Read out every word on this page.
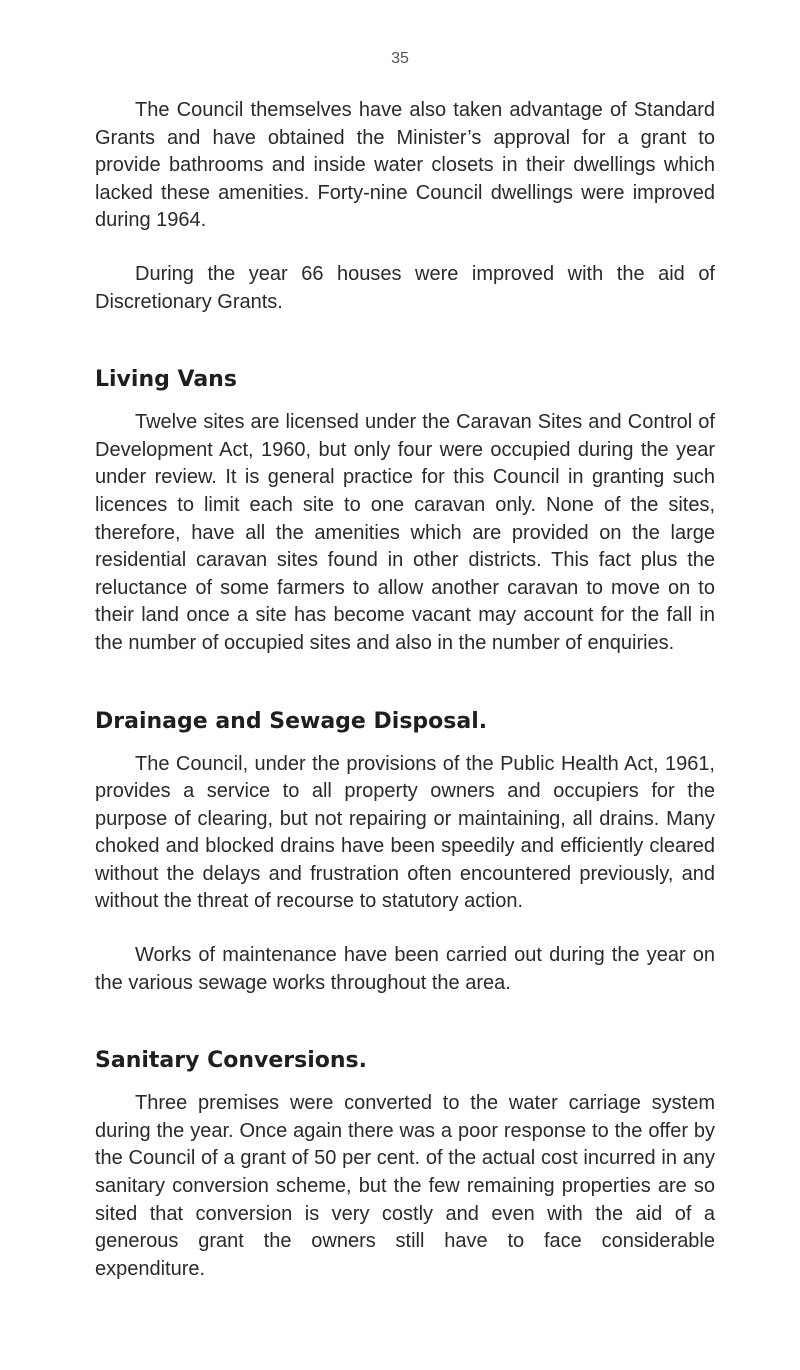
35

The Council themselves have also taken advantage of Standard Grants and have obtained the Minister’s approval for a grant to provide bathrooms and inside water closets in their dwellings which lacked these amenities. Forty-nine Council dwellings were improved during 1964.

During the year 66 houses were improved with the aid of Discretionary Grants.

Living Vans

Twelve sites are licensed under the Caravan Sites and Control of Development Act, 1960, but only four were occupied during the year under review. It is general practice for this Council in granting such licences to limit each site to one caravan only. None of the sites, therefore, have all the amenities which are provided on the large residential caravan sites found in other districts. This fact plus the reluctance of some farmers to allow another caravan to move on to their land once a site has become vacant may account for the fall in the number of occupied sites and also in the number of enquiries.

Drainage and Sewage Disposal.

The Council, under the provisions of the Public Health Act, 1961, provides a service to all property owners and occupiers for the purpose of clearing, but not repairing or maintaining, all drains. Many choked and blocked drains have been speedily and efficiently cleared without the delays and frustration often encountered previously, and without the threat of recourse to statutory action.

Works of maintenance have been carried out during the year on the various sewage works throughout the area.

Sanitary Conversions.

Three premises were converted to the water carriage system during the year. Once again there was a poor response to the offer by the Council of a grant of 50 per cent. of the actual cost incurred in any sanitary conversion scheme, but the few remaining properties are so sited that conversion is very costly and even with the aid of a generous grant the owners still have to face considerable expenditure.
